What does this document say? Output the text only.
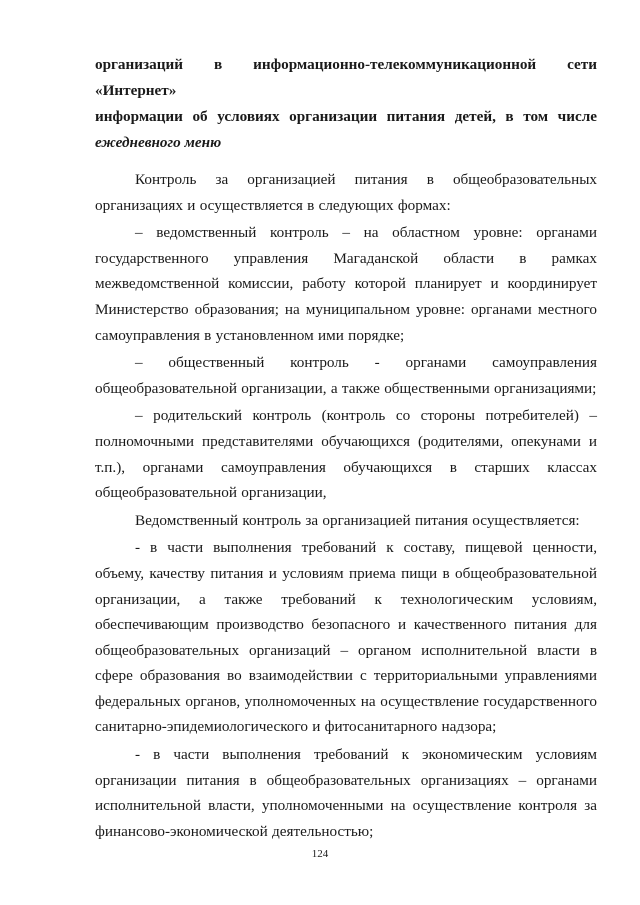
организаций в информационно-телекоммуникационной сети «Интернет»
информации об условиях организации питания детей, в том числе
ежедневного меню

Контроль за организацией питания в общеобразовательных организациях и осуществляется в следующих формах:

– ведомственный контроль – на областном уровне: органами государственного управления Магаданской области в рамках межведомственной комиссии, работу которой планирует и координирует Министерство образования; на муниципальном уровне: органами местного самоуправления в установленном ими порядке;

– общественный контроль - органами самоуправления общеобразовательной организации, а также общественными организациями;

– родительский контроль (контроль со стороны потребителей) – полномочными представителями обучающихся (родителями, опекунами и т.п.), органами самоуправления обучающихся в старших классах общеобразовательной организации,

Ведомственный контроль за организацией питания осуществляется:

- в части выполнения требований к составу, пищевой ценности, объему, качеству питания и условиям приема пищи в общеобразовательной организации, а также требований к технологическим условиям, обеспечивающим производство безопасного и качественного питания для общеобразовательных организаций – органом исполнительной власти в сфере образования во взаимодействии с территориальными управлениями федеральных органов, уполномоченных на осуществление государственного санитарно-эпидемиологического и фитосанитарного надзора;

- в части выполнения требований к экономическим условиям организации питания в общеобразовательных организациях – органами исполнительной власти, уполномоченными на осуществление контроля за финансово-экономической деятельностью;

124
